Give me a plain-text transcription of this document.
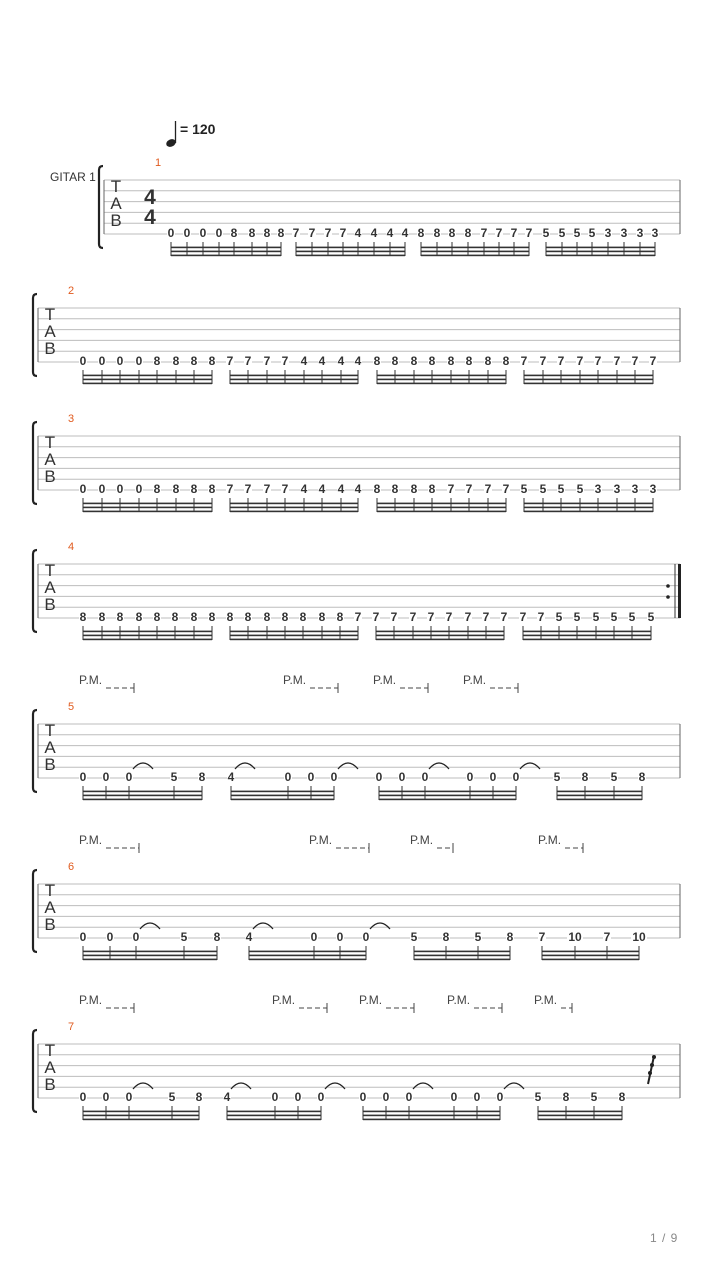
T
A
B
4
4
1
0 0 0 0 8 8 8 8 7 7 7 7 4 4 4 4 8 8 8 8 7 7 7 7 5 5 5 5 3 3 3 3
T
A
B
2
0 0 0 0 8 8 8 8 7 7 7 7 4 4 4 4 8 8 8 8 8 8 8 8 7 7 7 7 7 7 7 7
T
A
B
3
0 0 0 0 8 8 8 8 7 7 7 7 4 4 4 4 8 8 8 8 7 7 7 7 5 5 5 5 3 3 3 3
T
A
B
4
8 8 8 8 8 8 8 8 8 8 8 8 8 8 8 7 7 7 7 7 7 7 7 7 7 7 5 5 5 5 5 5
T
A
B
5
0 0 0	5 8 4	0 0 0	0 0 0	0 0 0	5 8 5 8
P.M.	P.M.	P.M.	P.M.
T
A
B
6
0 0 0	5 8 4	0 0 0	5 8 5 8 7 10 7 10
P.M.	P.M.	P.M.	P.M.
T
A
B
7
0 0 0	5 8 4	0 0 0	0 0 0	0 0 0	5 8 5 8
P.M.	P.M.	P.M.	P.M.	P.M.
= 120
GITAR 1
1 / 9
